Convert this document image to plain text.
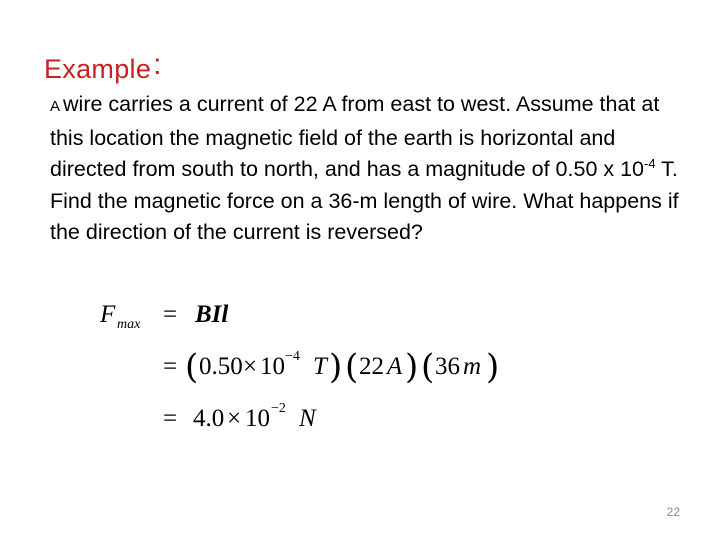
Example:
A wire carries a current of 22 A from east to west. Assume that at this location the magnetic field of the earth is horizontal and directed from south to north, and has a magnitude of 0.50 x $10^{-4}$ T. Find the magnetic force on a 36-m length of wire. What happens if the direction of the current is reversed?
F max = BIl
= ( 0.50 × 10 −4 T ) ( 22 A ) ( 36 m )
= 4.0 × 10 −2 N
22
